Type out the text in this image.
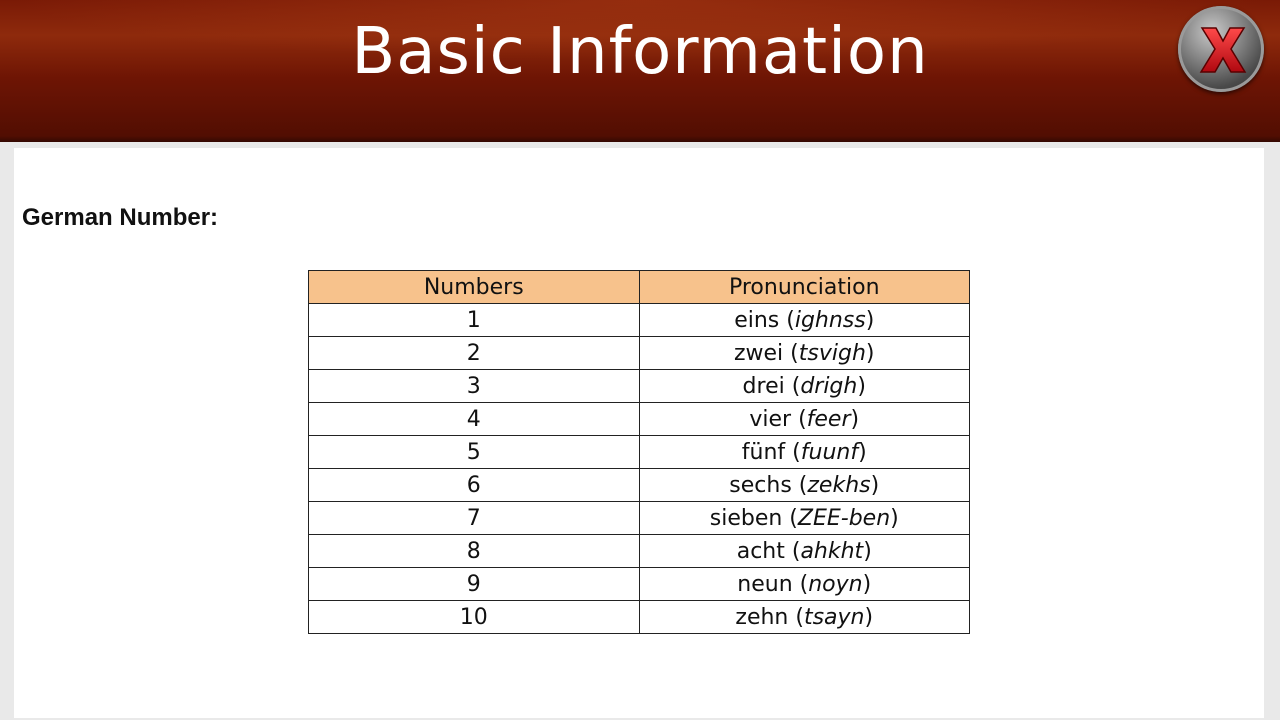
Basic Information
German Number:
Numbers	Pronunciation
1	eins (ighnss)
2	zwei (tsvigh)
3	drei (drigh)
4	vier (feer)
5	fünf (fuunf)
6	sechs (zekhs)
7	sieben (ZEE-ben)
8	acht (ahkht)
9	neun (noyn)
10	zehn (tsayn)
